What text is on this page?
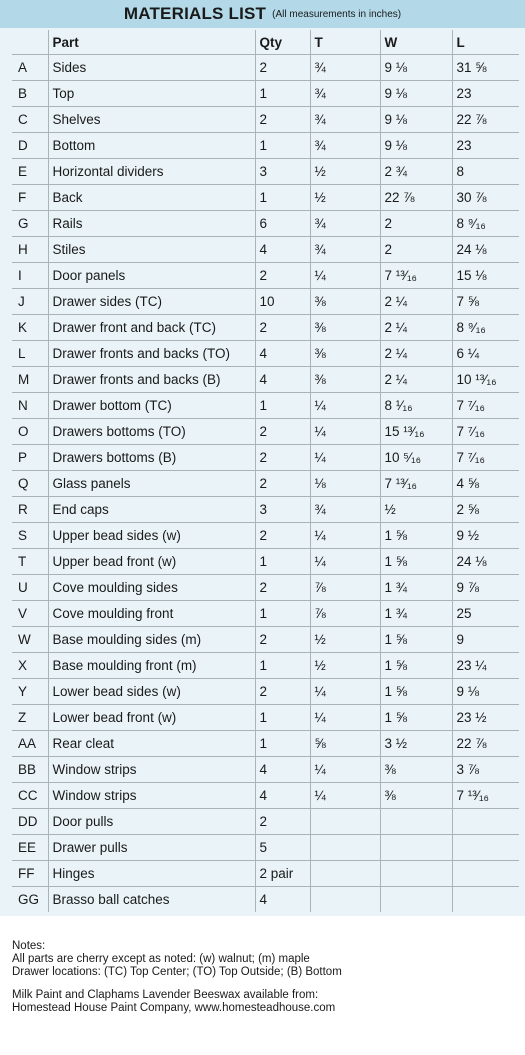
MATERIALS LIST (All measurements in inches)
	Part	Qty	T	W	L
A	Sides	2	¾	9 ⅛	31 ⅝
B	Top	1	¾	9 ⅛	23
C	Shelves	2	¾	9 ⅛	22 ⅞
D	Bottom	1	¾	9 ⅛	23
E	Horizontal dividers	3	½	2 ¾	8
F	Back	1	½	22 ⅞	30 ⅞
G	Rails	6	¾	2	8 ⁹⁄₁₆
H	Stiles	4	¾	2	24 ⅛
I	Door panels	2	¼	7 ¹³⁄₁₆	15 ⅛
J	Drawer sides (TC)	10	⅜	2 ¼	7 ⅝
K	Drawer front and back (TC)	2	⅜	2 ¼	8 ⁹⁄₁₆
L	Drawer fronts and backs (TO)	4	⅜	2 ¼	6 ¼
M	Drawer fronts and backs (B)	4	⅜	2 ¼	10 ¹³⁄₁₆
N	Drawer bottom (TC)	1	¼	8 ¹⁄₁₆	7 ⁷⁄₁₆
O	Drawers bottoms (TO)	2	¼	15 ¹³⁄₁₆	7 ⁷⁄₁₆
P	Drawers bottoms (B)	2	¼	10 ⁵⁄₁₆	7 ⁷⁄₁₆
Q	Glass panels	2	⅛	7 ¹³⁄₁₆	4 ⅝
R	End caps	3	¾	½	2 ⅝
S	Upper bead sides (w)	2	¼	1 ⅝	9 ½
T	Upper bead front (w)	1	¼	1 ⅝	24 ⅛
U	Cove moulding sides	2	⅞	1 ¾	9 ⅞
V	Cove moulding front	1	⅞	1 ¾	25
W	Base moulding sides (m)	2	½	1 ⅝	9
X	Base moulding front (m)	1	½	1 ⅝	23 ¼
Y	Lower bead sides (w)	2	¼	1 ⅝	9 ⅛
Z	Lower bead front (w)	1	¼	1 ⅝	23 ½
AA	Rear cleat	1	⅝	3 ½	22 ⅞
BB	Window strips	4	¼	⅜	3 ⅞
CC	Window strips	4	¼	⅜	7 ¹³⁄₁₆
DD	Door pulls	2			
EE	Drawer pulls	5			
FF	Hinges	2 pair			
GG	Brasso ball catches	4			

Notes:

All parts are cherry except as noted: (w) walnut; (m) maple

Drawer locations: (TC) Top Center; (TO) Top Outside; (B) Bottom

Milk Paint and Claphams Lavender Beeswax available from:

Homestead House Paint Company, www.homesteadhouse.com
